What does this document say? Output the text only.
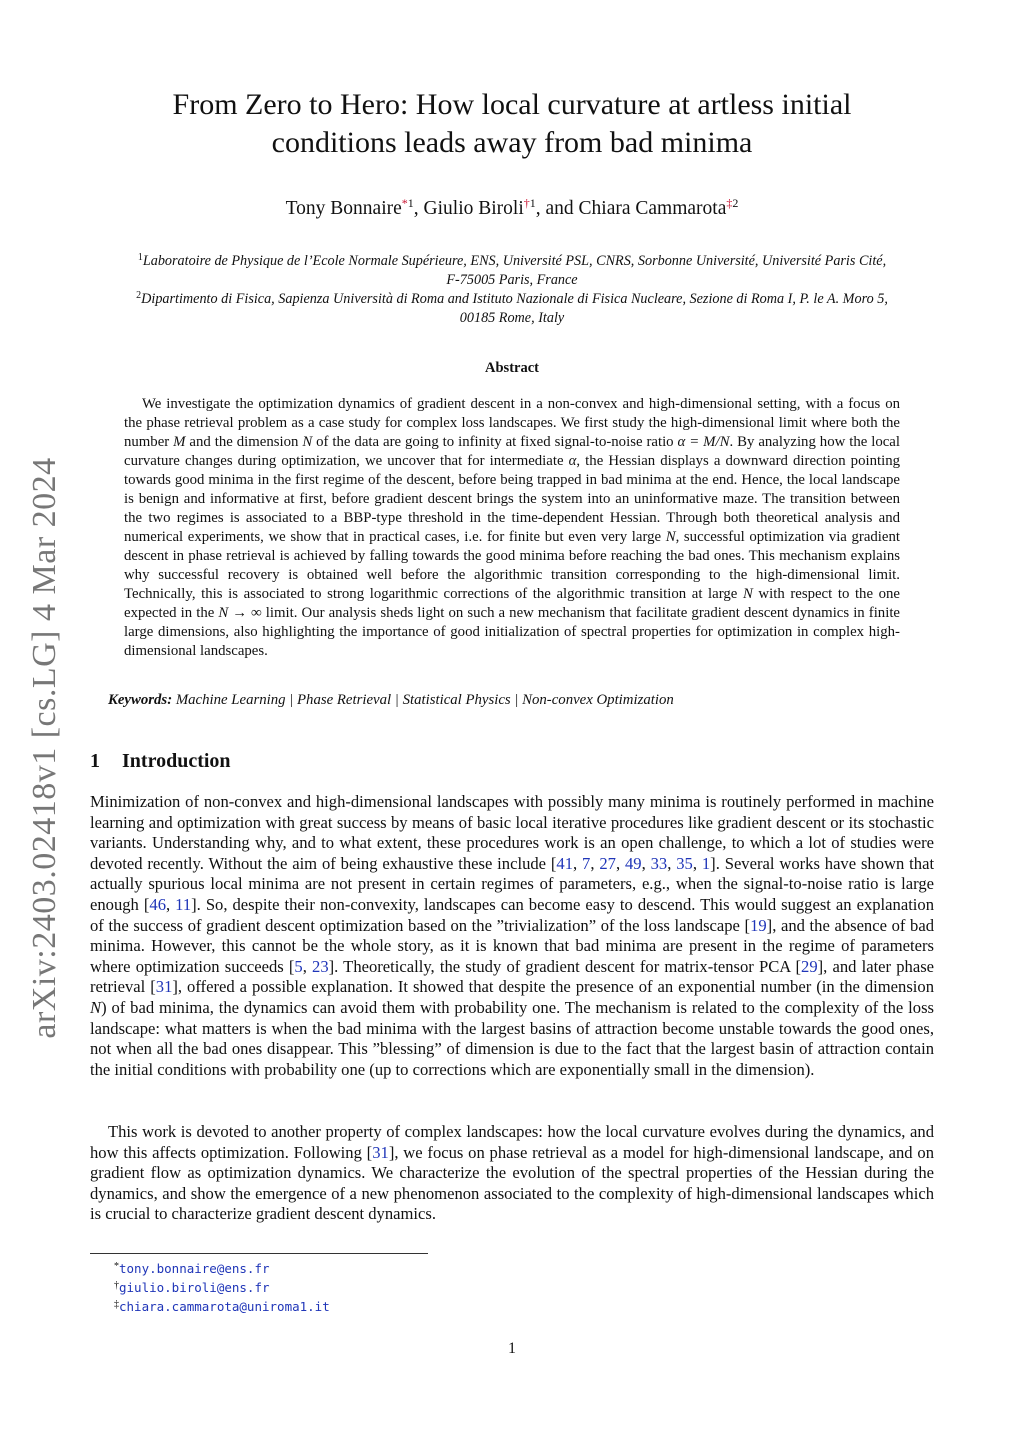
arXiv:2403.02418v1 [cs.LG] 4 Mar 2024
From Zero to Hero: How local curvature at artless initial
conditions leads away from bad minima
Tony Bonnaire$^{*1}$, Giulio Biroli$^{\dagger 1}$, and Chiara Cammarota$^{\ddagger 2}$
$^1$Laboratoire de Physique de l’Ecole Normale Supérieure, ENS, Université PSL, CNRS, Sorbonne Université, Université Paris Cité,
F-75005 Paris, France
$^2$Dipartimento di Fisica, Sapienza Università di Roma and Istituto Nazionale di Fisica Nucleare, Sezione di Roma I, P. le A. Moro 5,
00185 Rome, Italy
Abstract

We investigate the optimization dynamics of gradient descent in a non-convex and high-dimensional setting, with a focus on the phase retrieval problem as a case study for complex loss landscapes. We first study the high-dimensional limit where both the number M and the dimension N of the data are going to infinity at fixed signal-to-noise ratio α = M/N. By analyzing how the local curvature changes during optimization, we uncover that for intermediate α, the Hessian displays a downward direction pointing towards good minima in the first regime of the descent, before being trapped in bad minima at the end. Hence, the local landscape is benign and informative at first, before gradient descent brings the system into an uninformative maze. The transition between the two regimes is associated to a BBP-type threshold in the time-dependent Hessian. Through both theoretical analysis and numerical experiments, we show that in practical cases, i.e. for finite but even very large N, successful optimization via gradient descent in phase retrieval is achieved by falling towards the good minima before reaching the bad ones. This mechanism explains why successful recovery is obtained well before the algorithmic transition corresponding to the high-dimensional limit. Technically, this is associated to strong logarithmic corrections of the algorithmic transition at large N with respect to the one expected in the N → ∞ limit. Our analysis sheds light on such a new mechanism that facilitate gradient descent dynamics in finite large dimensions, also highlighting the importance of good initialization of spectral properties for optimization in complex high-dimensional landscapes.

Keywords: Machine Learning | Phase Retrieval | Statistical Physics | Non-convex Optimization
1 Introduction

Minimization of non-convex and high-dimensional landscapes with possibly many minima is routinely performed in machine learning and optimization with great success by means of basic local iterative procedures like gradient descent or its stochastic variants. Understanding why, and to what extent, these procedures work is an open challenge, to which a lot of studies were devoted recently. Without the aim of being exhaustive these include [41, 7, 27, 49, 33, 35, 1]. Several works have shown that actually spurious local minima are not present in certain regimes of parameters, e.g., when the signal-to-noise ratio is large enough [46, 11]. So, despite their non-convexity, landscapes can become easy to descend. This would suggest an explanation of the success of gradient descent optimization based on the ”trivialization” of the loss landscape [19], and the absence of bad minima. However, this cannot be the whole story, as it is known that bad minima are present in the regime of parameters where optimization succeeds [5, 23]. Theoretically, the study of gradient descent for matrix-tensor PCA [29], and later phase retrieval [31], offered a possible explanation. It showed that despite the presence of an exponential number (in the dimension N) of bad minima, the dynamics can avoid them with probability one. The mechanism is related to the complexity of the loss landscape: what matters is when the bad minima with the largest basins of attraction become unstable towards the good ones, not when all the bad ones disappear. This ”blessing” of dimension is due to the fact that the largest basin of attraction contain the initial conditions with probability one (up to corrections which are exponentially small in the dimension).

This work is devoted to another property of complex landscapes: how the local curvature evolves during the dynamics, and how this affects optimization. Following [31], we focus on phase retrieval as a model for high-dimensional landscape, and on gradient flow as optimization dynamics. We characterize the evolution of the spectral properties of the Hessian during the dynamics, and show the emergence of a new phenomenon associated to the complexity of high-dimensional landscapes which is crucial to characterize gradient descent dynamics.

*tony.bonnaire@ens.fr
†giulio.biroli@ens.fr
‡chiara.cammarota@uniroma1.it
1
